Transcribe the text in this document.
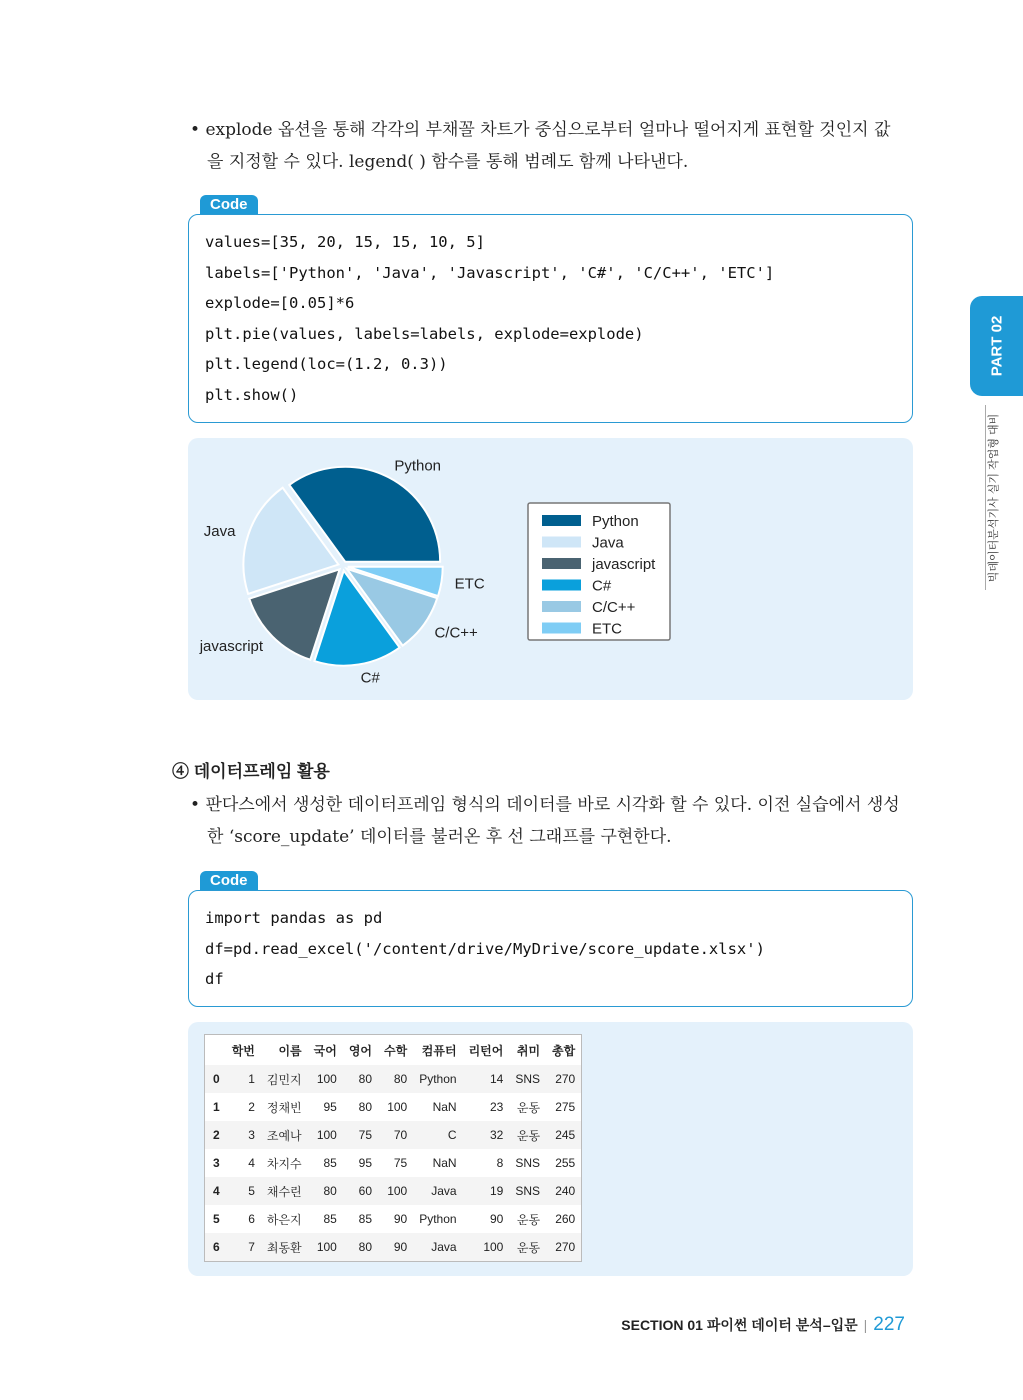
• explode 옵션을 통해 각각의 부채꼴 차트가 중심으로부터 얼마나 떨어지게 표현할 것인지 값
을 지정할 수 있다. legend( ) 함수를 통해 범례도 함께 나타낸다.
Code
values=[35, 20, 15, 15, 10, 5]
labels=['Python', 'Java', 'Javascript', 'C#', 'C/C++', 'ETC']
explode=[0.05]*6
plt.pie(values, labels=labels, explode=explode)
plt.legend(loc=(1.2, 0.3))
plt.show()
Python
Java
javascript
C#
C/C++
ETC
Python
Java
javascript
C#
C/C++
ETC
④ 데이터프레임 활용
• 판다스에서 생성한 데이터프레임 형식의 데이터를 바로 시각화 할 수 있다. 이전 실습에서 생성
한 ‘score_update’ 데이터를 불러온 후 선 그래프를 구현한다.
Code
import pandas as pd
df=pd.read_excel('/content/drive/MyDrive/score_update.xlsx')
df
	학번	이름	국어	영어	수학	컴퓨터	리턴어	취미	총합
0	1	김민지	100	80	80	Python	14	SNS	270
1	2	정채빈	95	80	100	NaN	23	운동	275
2	3	조예나	100	75	70	C	32	운동	245
3	4	차지수	85	95	75	NaN	8	SNS	255
4	5	채수린	80	60	100	Java	19	SNS	240
5	6	하은지	85	85	90	Python	90	운동	260
6	7	최동환	100	80	90	Java	100	운동	270
PART 02
빅데이터분석기사 실기 작업형 대비
SECTION 01 파이썬 데이터 분석–입문 | 227
